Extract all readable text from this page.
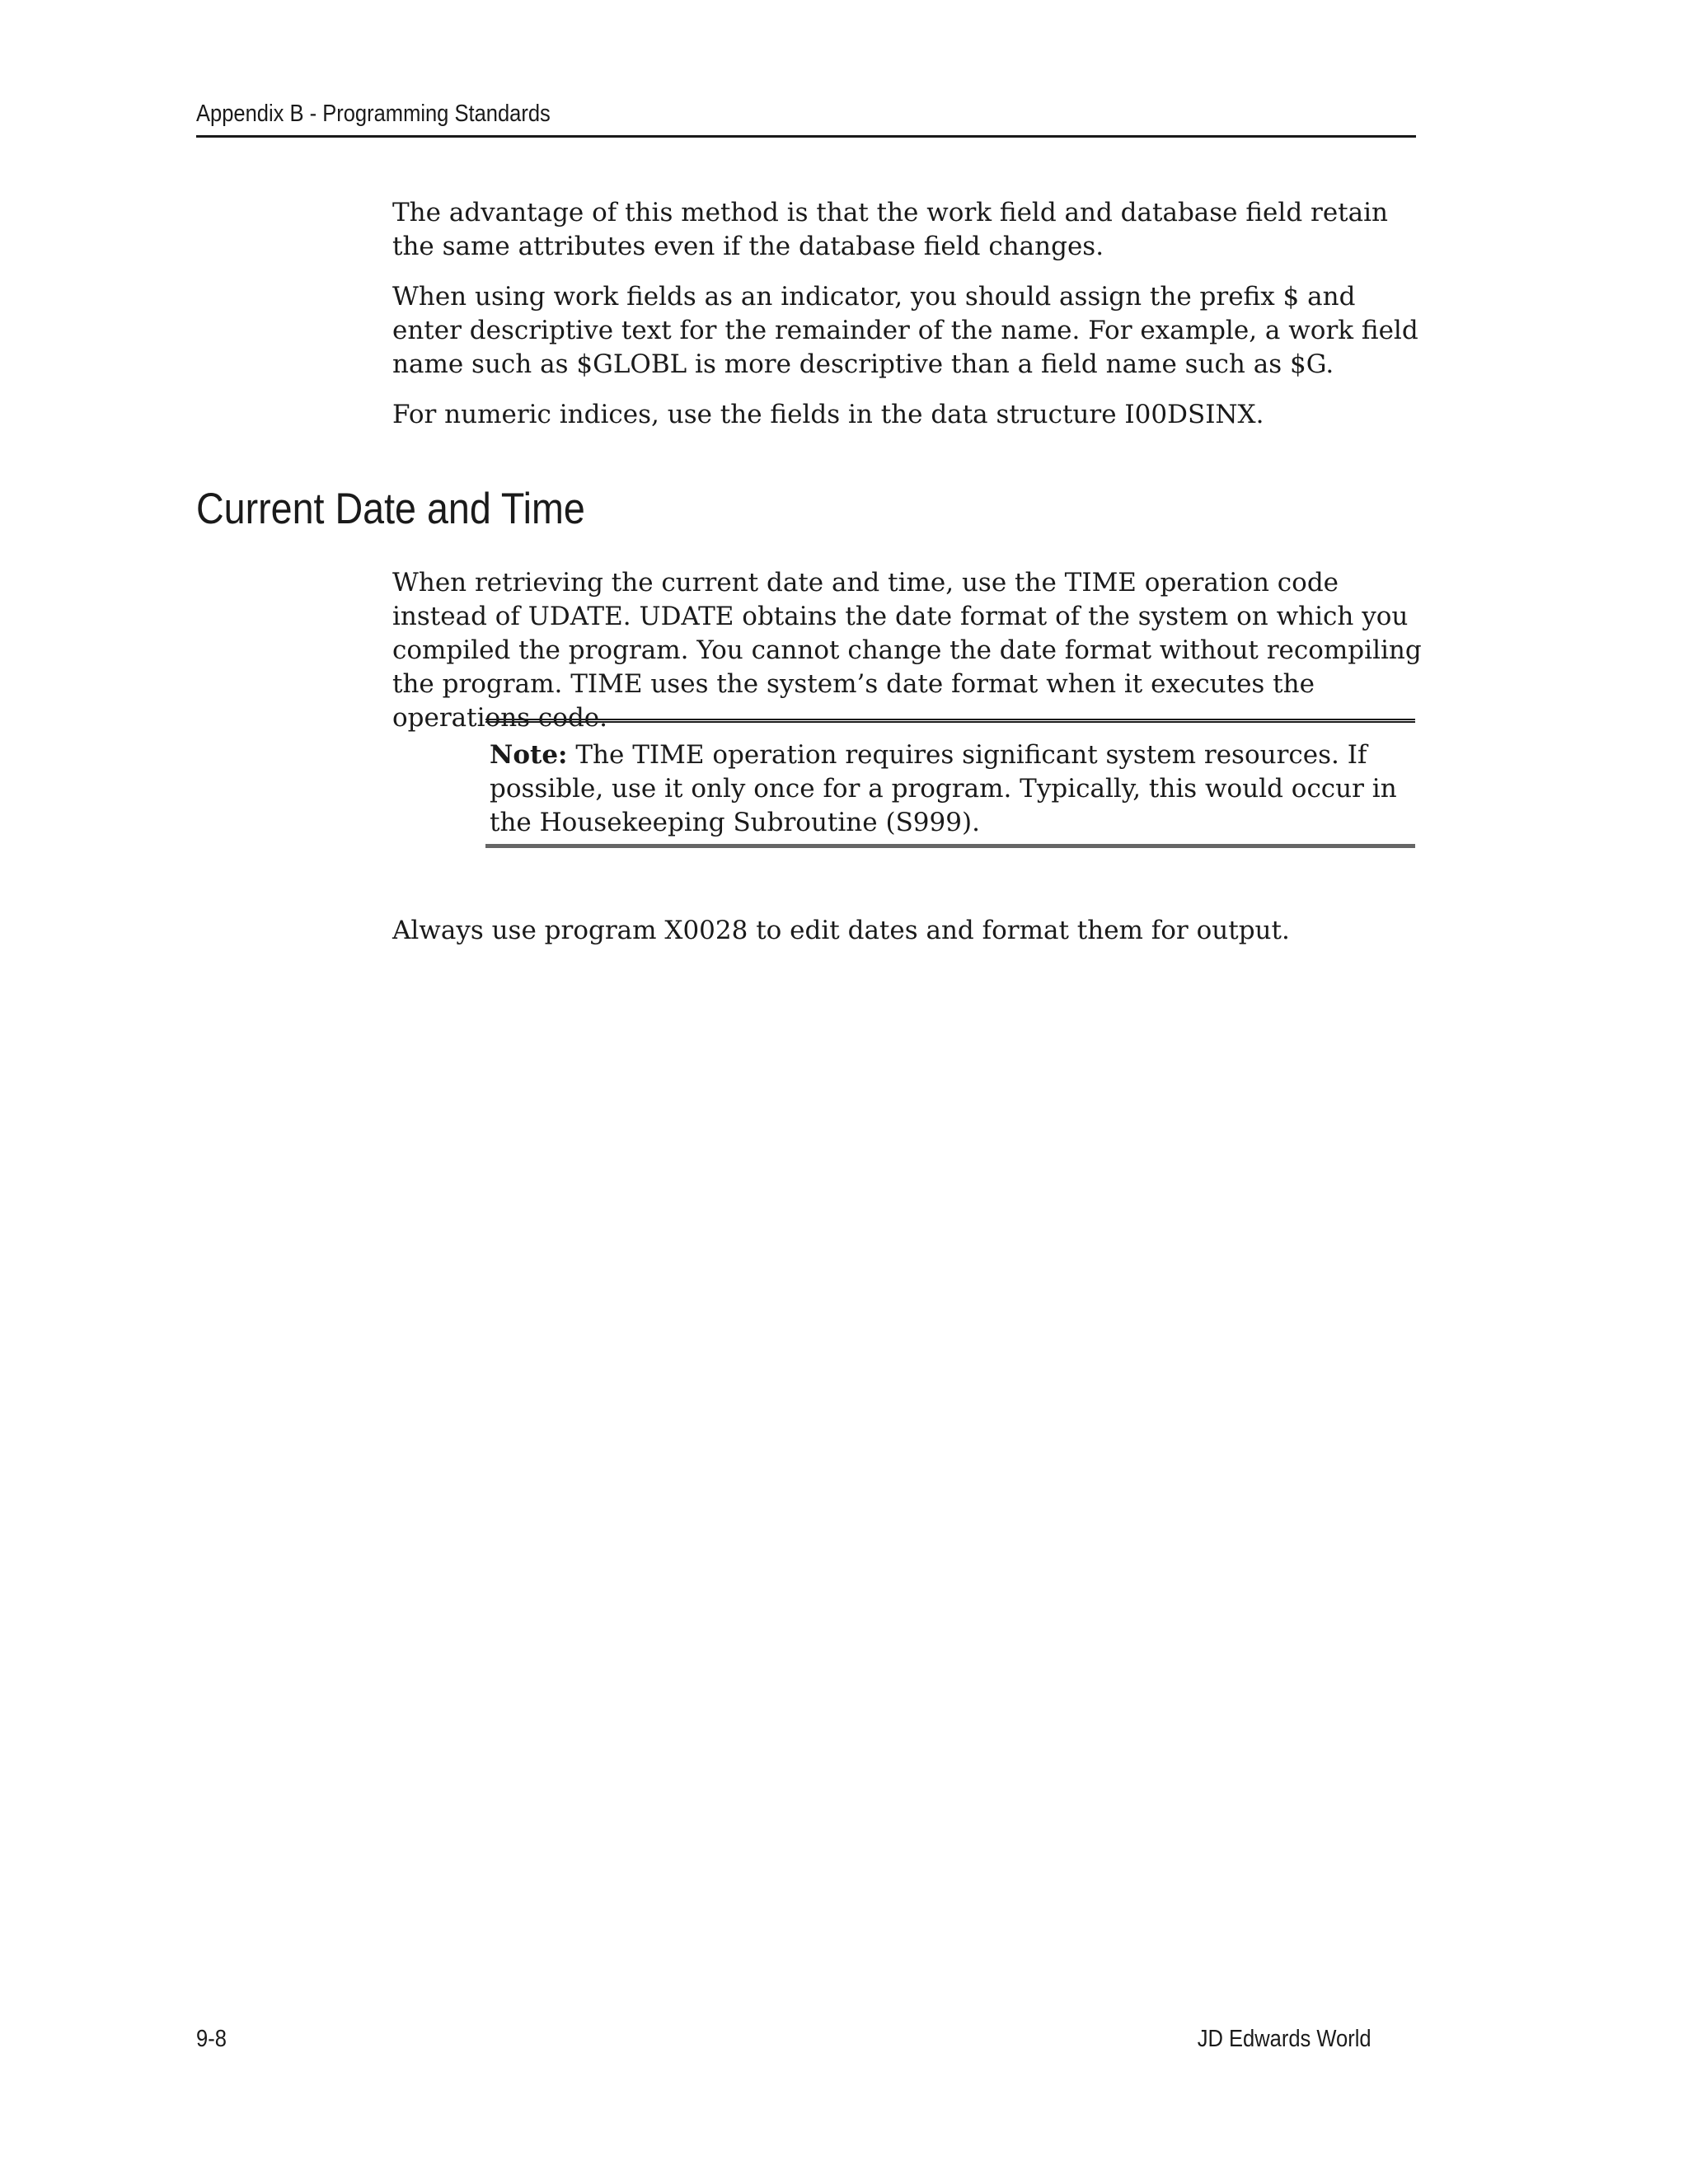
Appendix B - Programming Standards

The advantage of this method is that the work field and database field retain the same attributes even if the database field changes.

When using work fields as an indicator, you should assign the prefix $ and enter descriptive text for the remainder of the name. For example, a work field name such as $GLOBL is more descriptive than a field name such as $G.

For numeric indices, use the fields in the data structure I00DSINX.

Current Date and Time

When retrieving the current date and time, use the TIME operation code instead of UDATE. UDATE obtains the date format of the system on which you compiled the program. You cannot change the date format without recompiling the program. TIME uses the system’s date format when it executes the operations code.

Note: The TIME operation requires significant system resources. If possible, use it only once for a program. Typically, this would occur in the Housekeeping Subroutine (S999).

Always use program X0028 to edit dates and format them for output.

9-8	JD Edwards World
